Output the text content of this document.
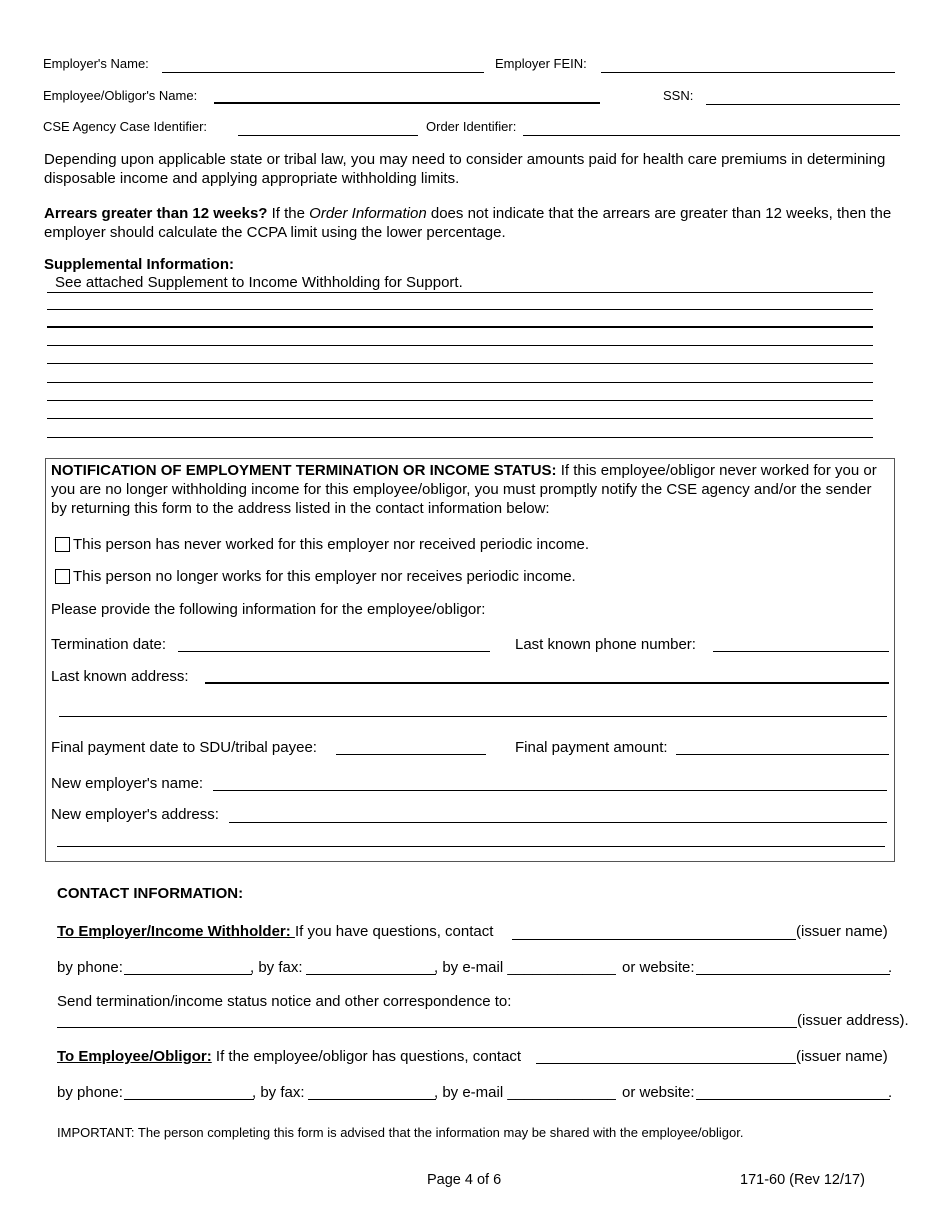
Employer's Name:	Employer FEIN:
Employee/Obligor's Name:	SSN:
CSE Agency Case Identifier:	Order Identifier:
Depending upon applicable state or tribal law, you may need to consider amounts paid for health care premiums in determining disposable income and applying appropriate withholding limits.
Arrears greater than 12 weeks? If the Order Information does not indicate that the arrears are greater than 12 weeks, then the employer should calculate the CCPA limit using the lower percentage.
Supplemental Information:
See attached Supplement to Income Withholding for Support.
NOTIFICATION OF EMPLOYMENT TERMINATION OR INCOME STATUS: If this employee/obligor never worked for you or you are no longer withholding income for this employee/obligor, you must promptly notify the CSE agency and/or the sender by returning this form to the address listed in the contact information below:
This person has never worked for this employer nor received periodic income.
This person no longer works for this employer nor receives periodic income.
Please provide the following information for the employee/obligor:
Termination date:	Last known phone number:
Last known address:
Final payment date to SDU/tribal payee:	Final payment amount:
New employer's name:
New employer's address:
CONTACT INFORMATION:
To Employer/Income Withholder: If you have questions, contact	(issuer name)
by phone:	, by fax:	, by e-mail _____________ or website:	.
Send termination/income status notice and other correspondence to:
(issuer address).
To Employee/Obligor: If the employee/obligor has questions, contact	(issuer name)
by phone:	, by fax:	, by e-mail _____________ or website:	.
IMPORTANT: The person completing this form is advised that the information may be shared with the employee/obligor.
Page 4 of 6	171-60 (Rev 12/17)
